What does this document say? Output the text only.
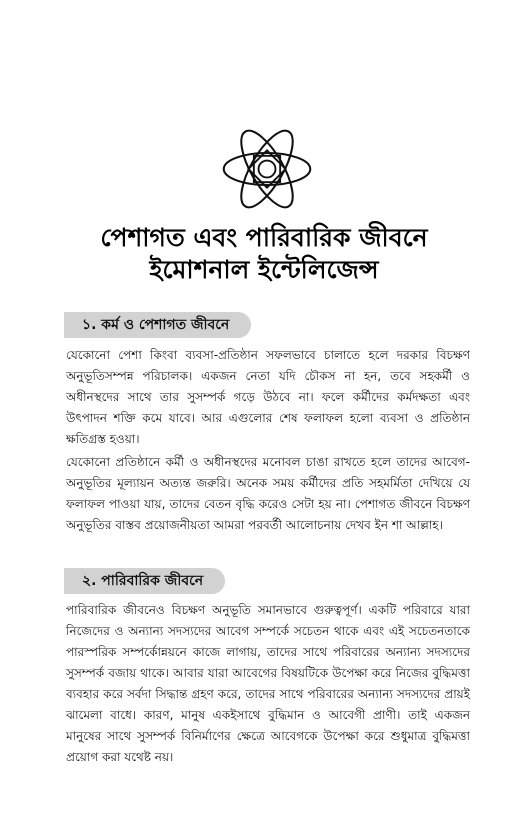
পেশাগত এবং পারিবারিক জীবনে
ইমোশনাল ইন্টেলিজেন্স
১. কর্ম ও পেশাগত জীবনে

যেকোনো পেশা কিংবা ব্যবসা-প্রতিষ্ঠান সফলভাবে চালাতে হলে দরকার বিচক্ষণ অনুভূতিসম্পন্ন পরিচালক। একজন নেতা যদি চৌকস না হন, তবে সহকর্মী ও অধীনস্থদের সাথে তার সুসম্পর্ক গড়ে উঠবে না। ফলে কর্মীদের কর্মদক্ষতা এবং উৎপাদন শক্তি কমে যাবে। আর এগুলোর শেষ ফলাফল হলো ব্যবসা ও প্রতিষ্ঠান ক্ষতিগ্রস্ত হওয়া।

যেকোনো প্রতিষ্ঠানে কর্মী ও অধীনস্থদের মনোবল চাঙা রাখতে হলে তাদের আবেগ-অনুভূতির মূল্যায়ন অত্যন্ত জরুরি। অনেক সময় কর্মীদের প্রতি সহমর্মিতা দেখিয়ে যে ফলাফল পাওয়া যায়, তাদের বেতন বৃদ্ধি করেও সেটা হয় না। পেশাগত জীবনে বিচক্ষণ অনুভূতির বাস্তব প্রয়োজনীয়তা আমরা পরবর্তী আলোচনায় দেখব ইন শা আল্লাহ।

২. পারিবারিক জীবনে

পারিবারিক জীবনেও বিচক্ষণ অনুভূতি সমানভাবে গুরুত্বপূর্ণ। একটি পরিবারে যারা নিজেদের ও অন্যান্য সদস্যদের আবেগ সম্পর্কে সচেতন থাকে এবং এই সচেতনতাকে পারস্পরিক সম্পর্কোন্নয়নে কাজে লাগায়, তাদের সাথে পরিবারের অন্যান্য সদস্যদের সুসম্পর্ক বজায় থাকে। আবার যারা আবেগের বিষয়টিকে উপেক্ষা করে নিজের বুদ্ধিমত্তা ব্যবহার করে সর্বদা সিদ্ধান্ত গ্রহণ করে, তাদের সাথে পরিবারের অন্যান্য সদস্যদের প্রায়ই ঝামেলা বাধে। কারণ, মানুষ একইসাথে বুদ্ধিমান ও আবেগী প্রাণী। তাই একজন মানুষের সাথে সুসম্পর্ক বিনির্মাণের ক্ষেত্রে আবেগকে উপেক্ষা করে শুধুমাত্র বুদ্ধিমত্তা প্রয়োগ করা যথেষ্ট নয়।
